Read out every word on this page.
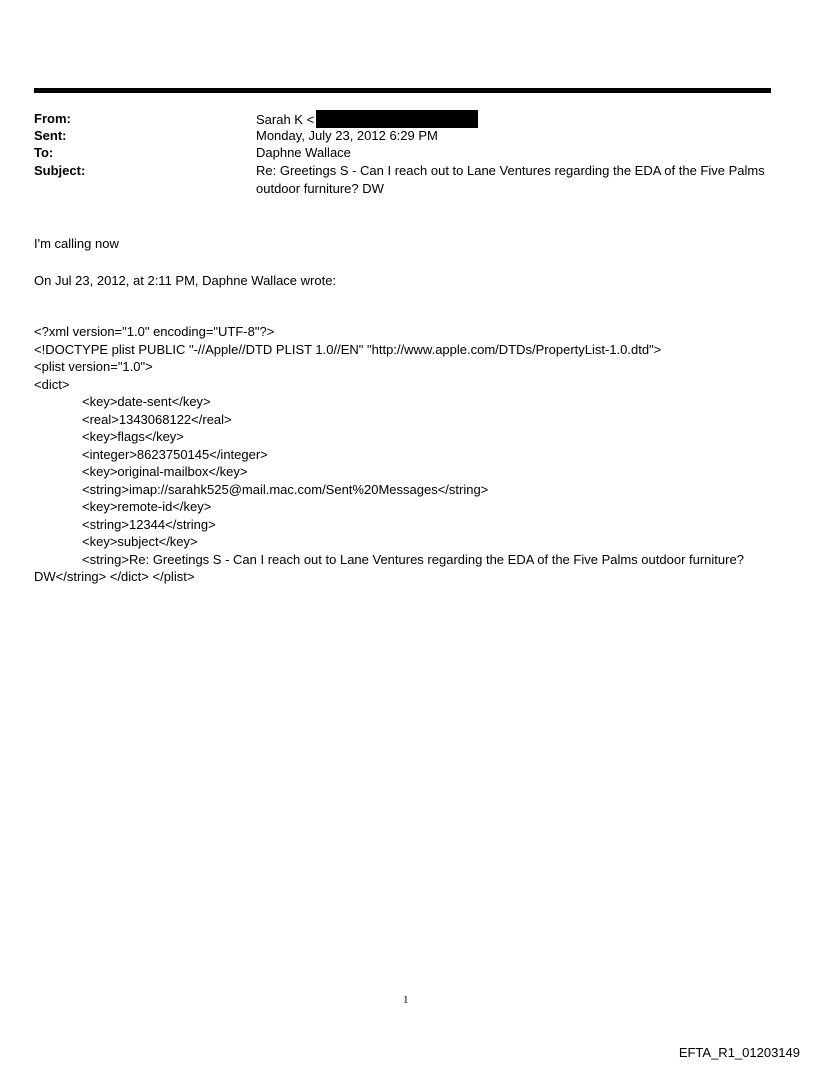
From:	Sarah K <
Sent:	Monday, July 23, 2012 6:29 PM
To:	Daphne Wallace
Subject:	Re: Greetings S - Can I reach out to Lane Ventures regarding the EDA of the Five Palms outdoor furniture? DW
I'm calling now
On Jul 23, 2012, at 2:11 PM, Daphne Wallace wrote:
<?xml version="1.0" encoding="UTF-8"?>
<!DOCTYPE plist PUBLIC "-//Apple//DTD PLIST 1.0//EN" "http://www.apple.com/DTDs/PropertyList-1.0.dtd">
<plist version="1.0">
<dict>
<key>date-sent</key>
<real>1343068122</real>
<key>flags</key>
<integer>8623750145</integer>
<key>original-mailbox</key>
<string>imap://sarahk525@mail.mac.com/Sent%20Messages</string>
<key>remote-id</key>
<string>12344</string>
<key>subject</key>
<string>Re: Greetings S - Can I reach out to Lane Ventures regarding the EDA of the Five Palms outdoor furniture? DW</string> </dict> </plist>
1
EFTA_R1_01203149
